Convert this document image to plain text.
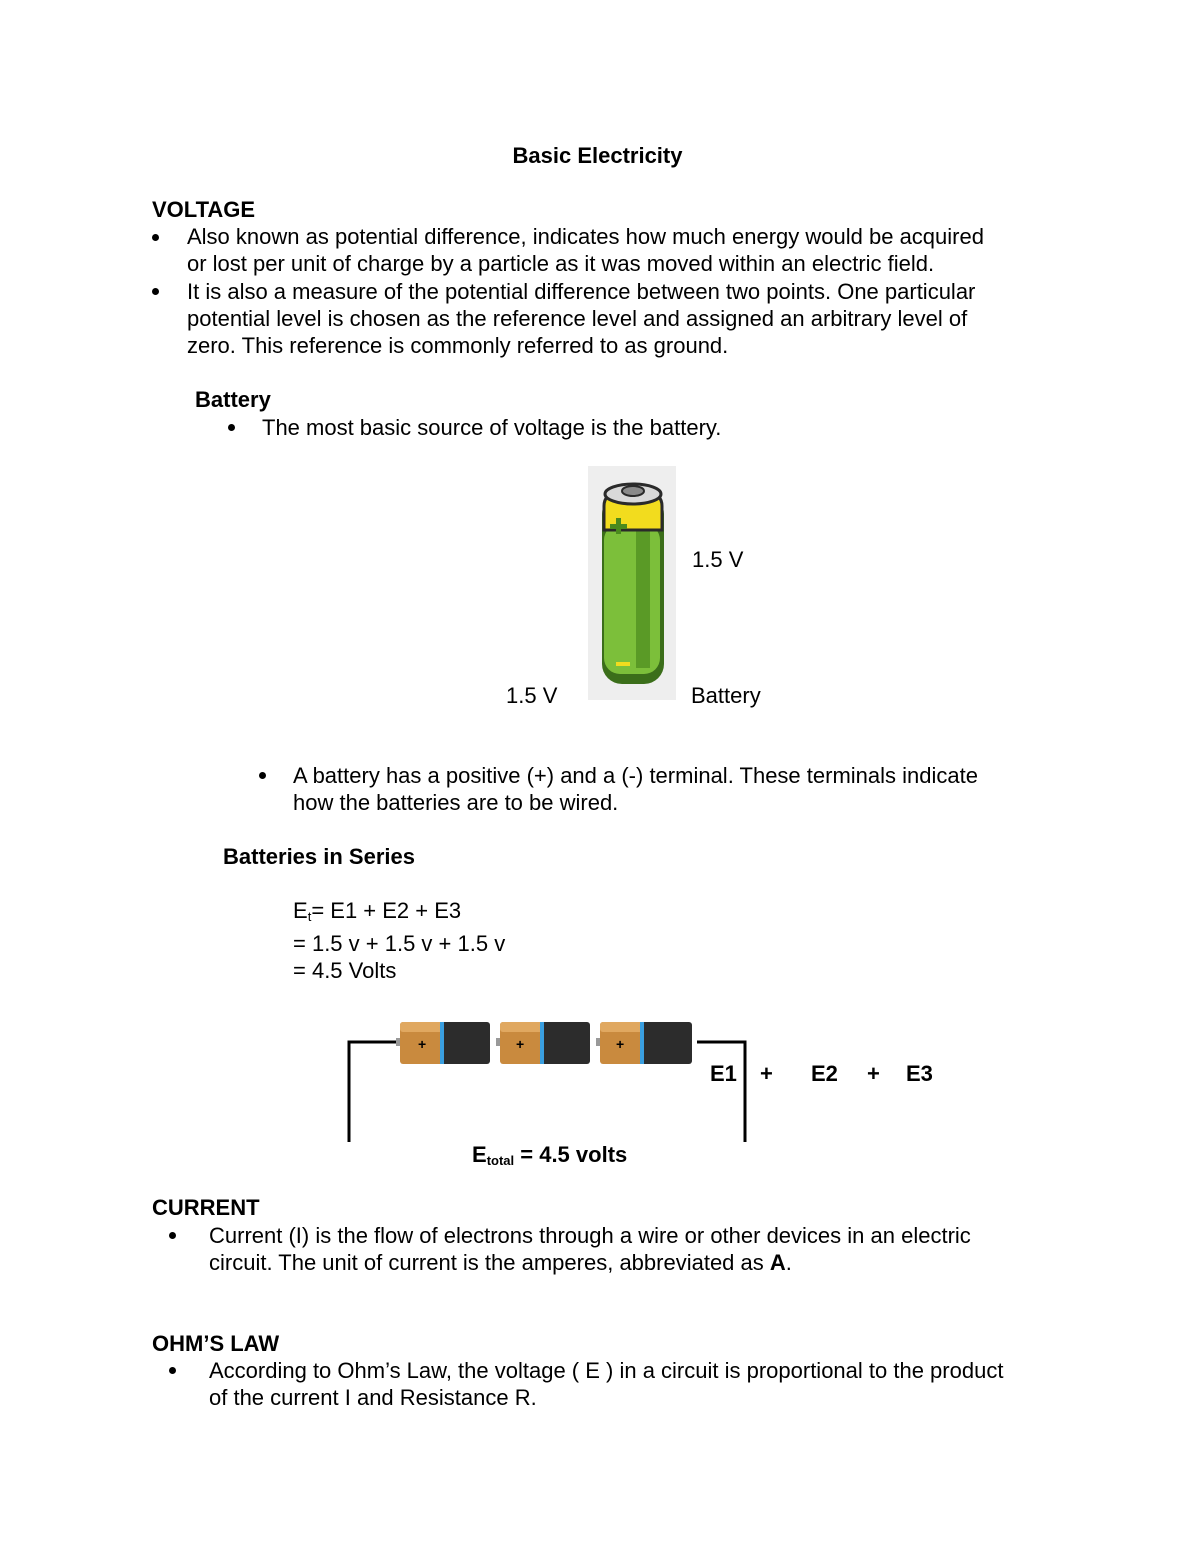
Basic Electricity
VOLTAGE
Also known as potential difference, indicates how much energy would be acquired
or lost per unit of charge by a particle as it was moved within an electric field.
It is also a measure of the potential difference between two points. One particular
potential level is chosen as the reference level and assigned an arbitrary level of
zero. This reference is commonly referred to as ground.
Battery
The most basic source of voltage is the battery.
1.5 V
1.5 V	Battery
A battery has a positive (+) and a (-) terminal. These terminals indicate
how the batteries are to be wired.
Batteries in Series
$E_t= E1 + E2 + E3$
= 1.5 v + 1.5 v + 1.5 v
= 4.5 Volts
+	+	+
E1 + E2 + E3
$E_{total} = 4.5$ volts
CURRENT
Current (I) is the flow of electrons through a wire or other devices in an electric
circuit. The unit of current is the amperes, abbreviated as A.
OHM’S LAW
According to Ohm’s Law, the voltage ( E ) in a circuit is proportional to the product
of the current I and Resistance R.
